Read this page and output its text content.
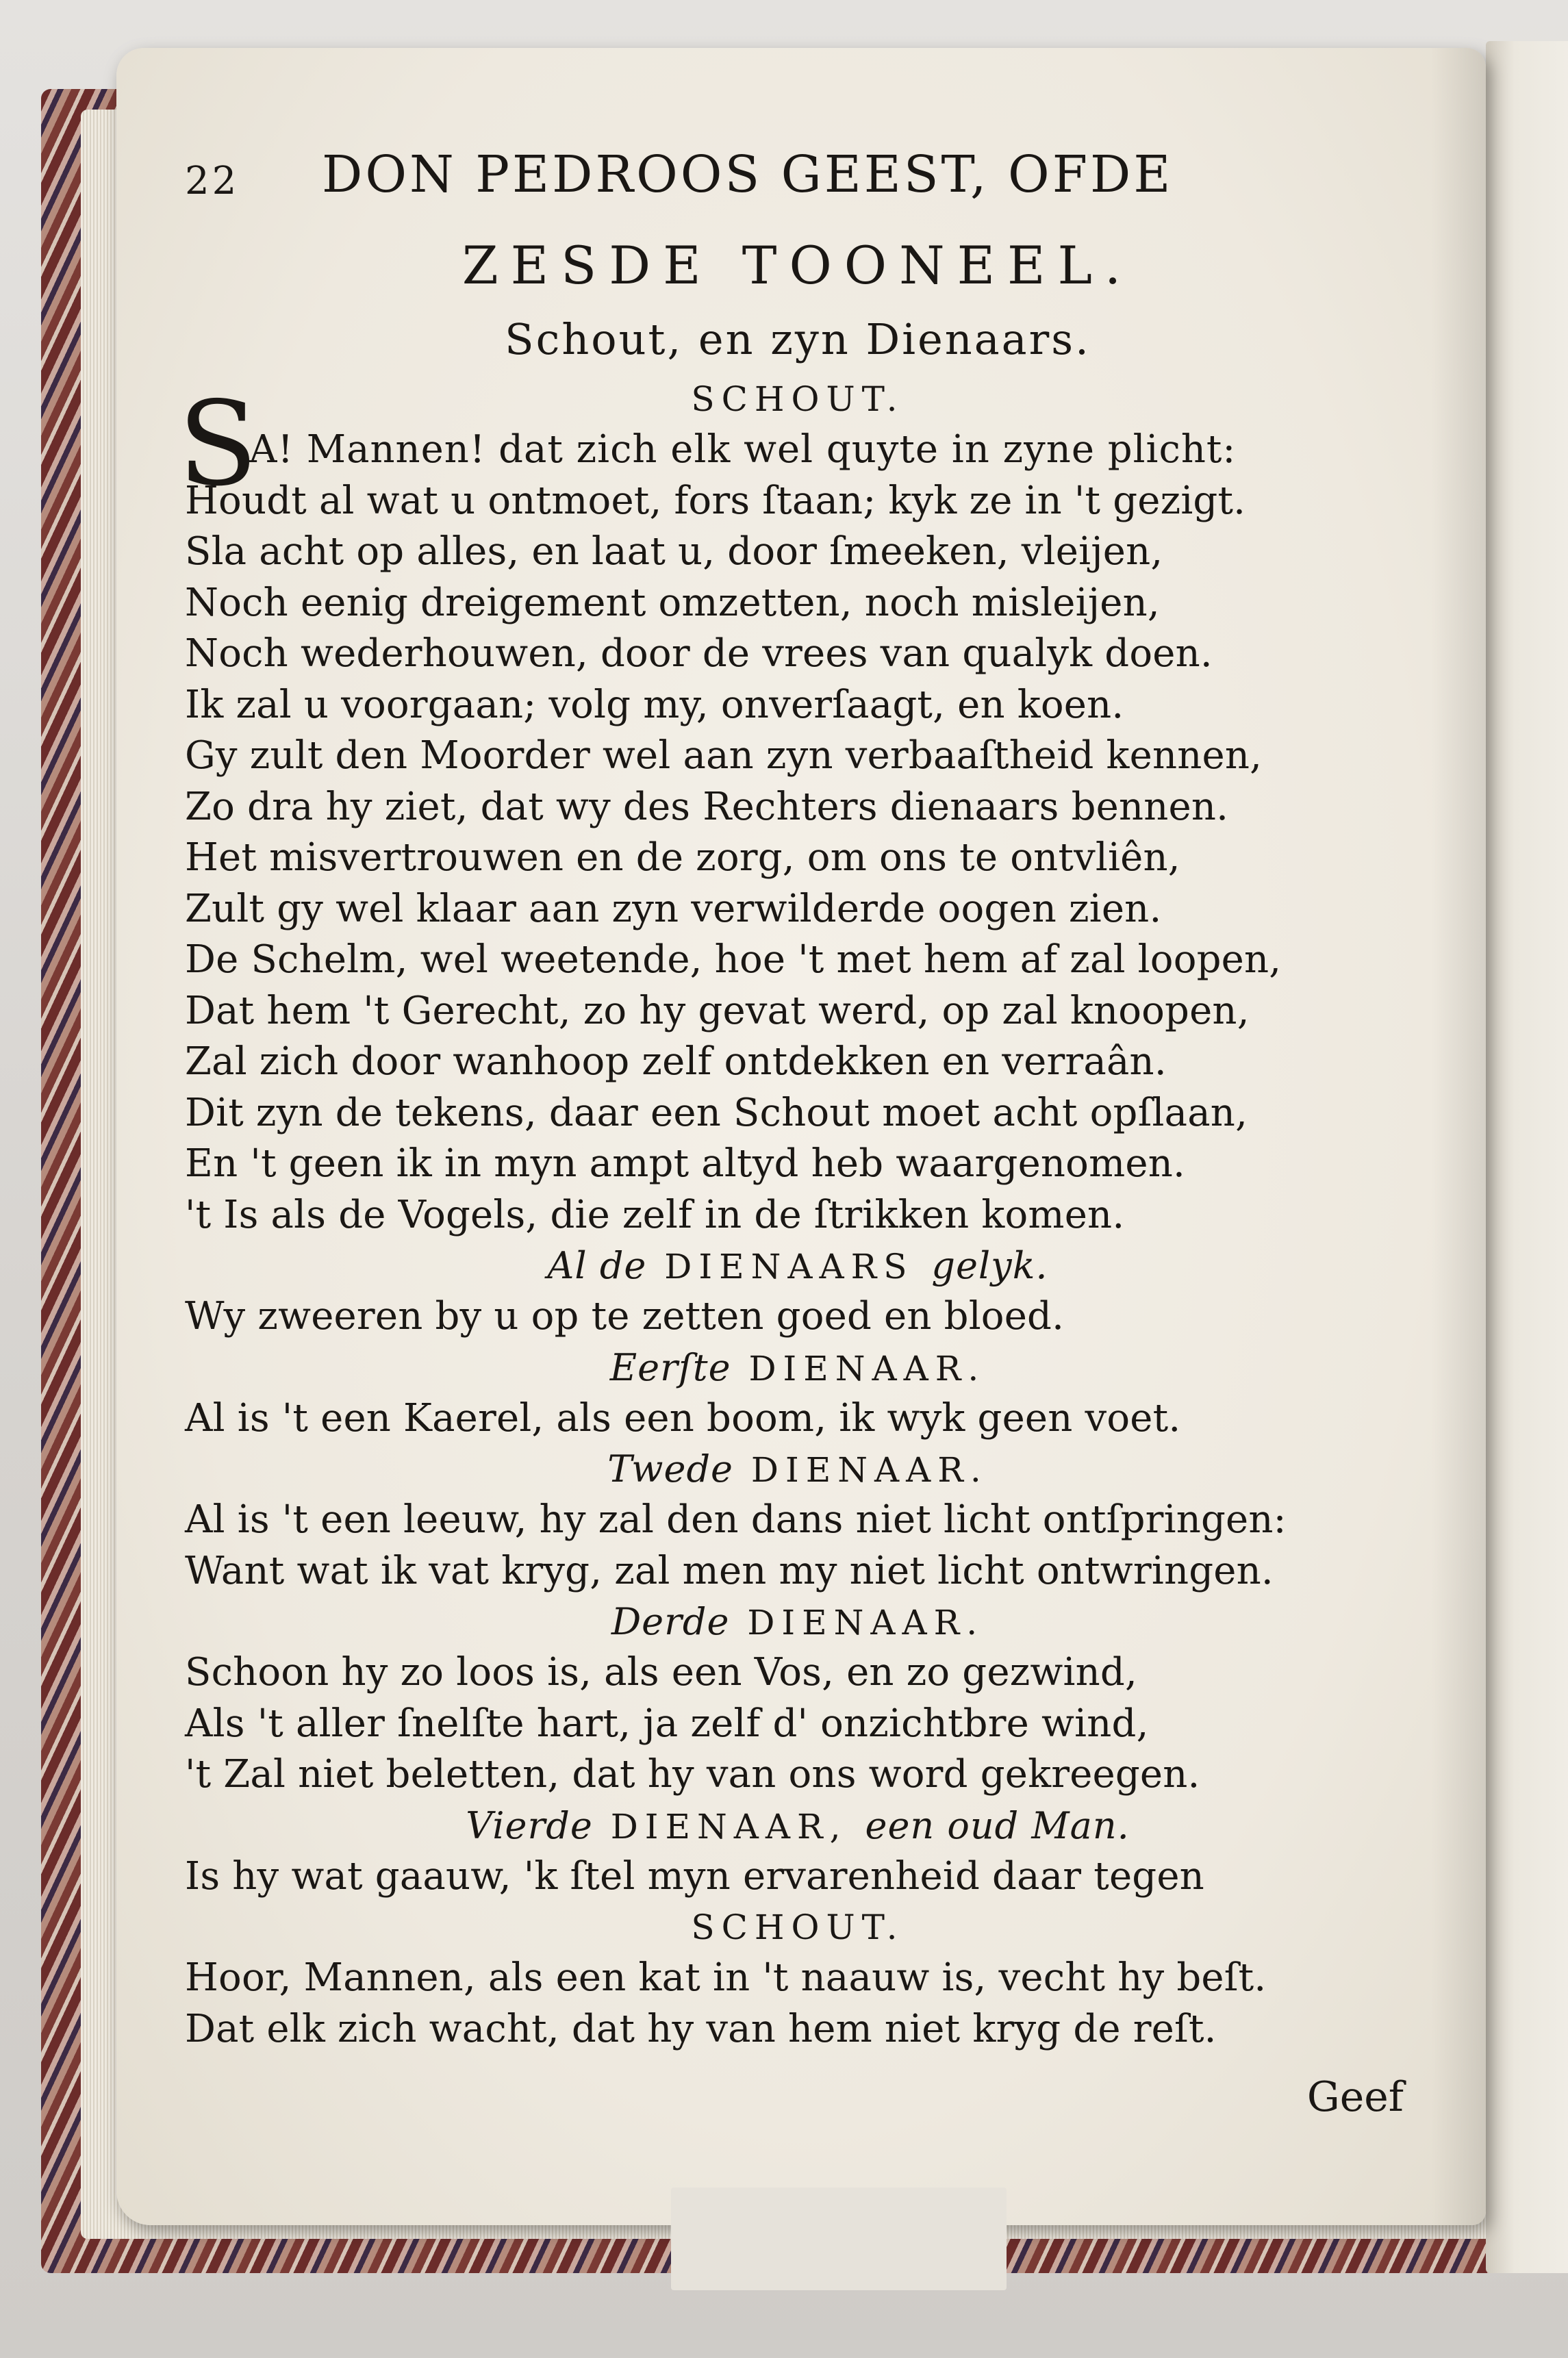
22 DON PEDROOS GEEST, OFDE
ZESDE TOONEEL.
Schout, en zyn Dienaars.
SCHOUT.
S
A! Mannen! dat zich elk wel quyte in zyne plicht:
Houdt al wat u ontmoet, fors ſtaan; kyk ze in 't gezigt.
Sla acht op alles, en laat u, door ſmeeken, vleijen,
Noch eenig dreigement omzetten, noch misleijen,
Noch wederhouwen, door de vrees van qualyk doen.
Ik zal u voorgaan; volg my, onverſaagt, en koen.
Gy zult den Moorder wel aan zyn verbaaſtheid kennen,
Zo dra hy ziet, dat wy des Rechters dienaars bennen.
Het misvertrouwen en de zorg, om ons te ontvliên,
Zult gy wel klaar aan zyn verwilderde oogen zien.
De Schelm, wel weetende, hoe 't met hem af zal loopen,
Dat hem 't Gerecht, zo hy gevat werd, op zal knoopen,
Zal zich door wanhoop zelf ontdekken en verraân.
Dit zyn de tekens, daar een Schout moet acht opſlaan,
En 't geen ik in myn ampt altyd heb waargenomen.
't Is als de Vogels, die zelf in de ſtrikken komen.
Al de DIENAARS gelyk.
Wy zweeren by u op te zetten goed en bloed.
Eerſte DIENAAR.
Al is 't een Kaerel, als een boom, ik wyk geen voet.
Twede DIENAAR.
Al is 't een leeuw, hy zal den dans niet licht ontſpringen:
Want wat ik vat kryg, zal men my niet licht ontwringen.
Derde DIENAAR.
Schoon hy zo loos is, als een Vos, en zo gezwind,
Als 't aller ſnelſte hart, ja zelf d' onzichtbre wind,
't Zal niet beletten, dat hy van ons word gekreegen.
Vierde DIENAAR, een oud Man.
Is hy wat gaauw, 'k ſtel myn ervarenheid daar tegen
SCHOUT.
Hoor, Mannen, als een kat in 't naauw is, vecht hy beſt.
Dat elk zich wacht, dat hy van hem niet kryg de reſt.
Geef
